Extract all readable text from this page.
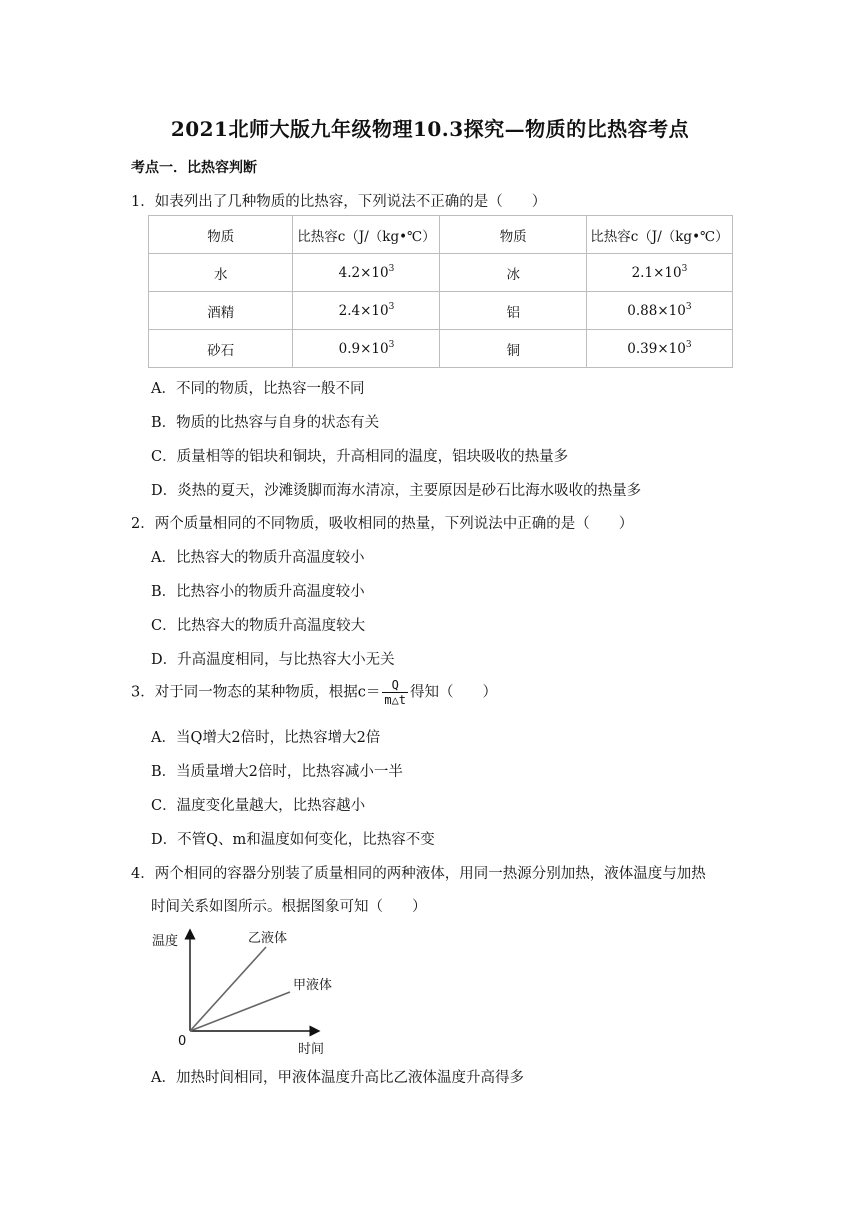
2021北师大版九年级物理10.3探究—物质的比热容考点
考点一．比热容判断
1．如表列出了几种物质的比热容，下列说法不正确的是（　　）
物质	比热容c（J/（kg•℃）	物质	比热容c（J/（kg•℃）
水	$4.2\times 10^3$	冰	$2.1\times 10^3$
酒精	$2.4\times 10^3$	铝	$0.88\times 10^3$
砂石	$0.9\times 10^3$	铜	$0.39\times 10^3$
A．不同的物质，比热容一般不同
B．物质的比热容与自身的状态有关
C．质量相等的铝块和铜块，升高相同的温度，铝块吸收的热量多
D．炎热的夏天，沙滩烫脚而海水清凉，主要原因是砂石比海水吸收的热量多
2．两个质量相同的不同物质，吸收相同的热量，下列说法中正确的是（　　）
A．比热容大的物质升高温度较小
B．比热容小的物质升高温度较小
C．比热容大的物质升高温度较大
D．升高温度相同，与比热容大小无关
3．对于同一物态的某种物质，根据$c= \frac{Q}{m\triangle t}$ 得知（　　）
A．当Q增大2倍时，比热容增大2倍
B．当质量增大2倍时，比热容减小一半
C．温度变化量越大，比热容越小
D．不管Q、m和温度如何变化，比热容不变
4．两个相同的容器分别装了质量相同的两种液体，用同一热源分别加热，液体温度与加热
时间关系如图所示。根据图象可知（　　）
温度
时间
0
乙液体
甲液体
A．加热时间相同，甲液体温度升高比乙液体温度升高得多
